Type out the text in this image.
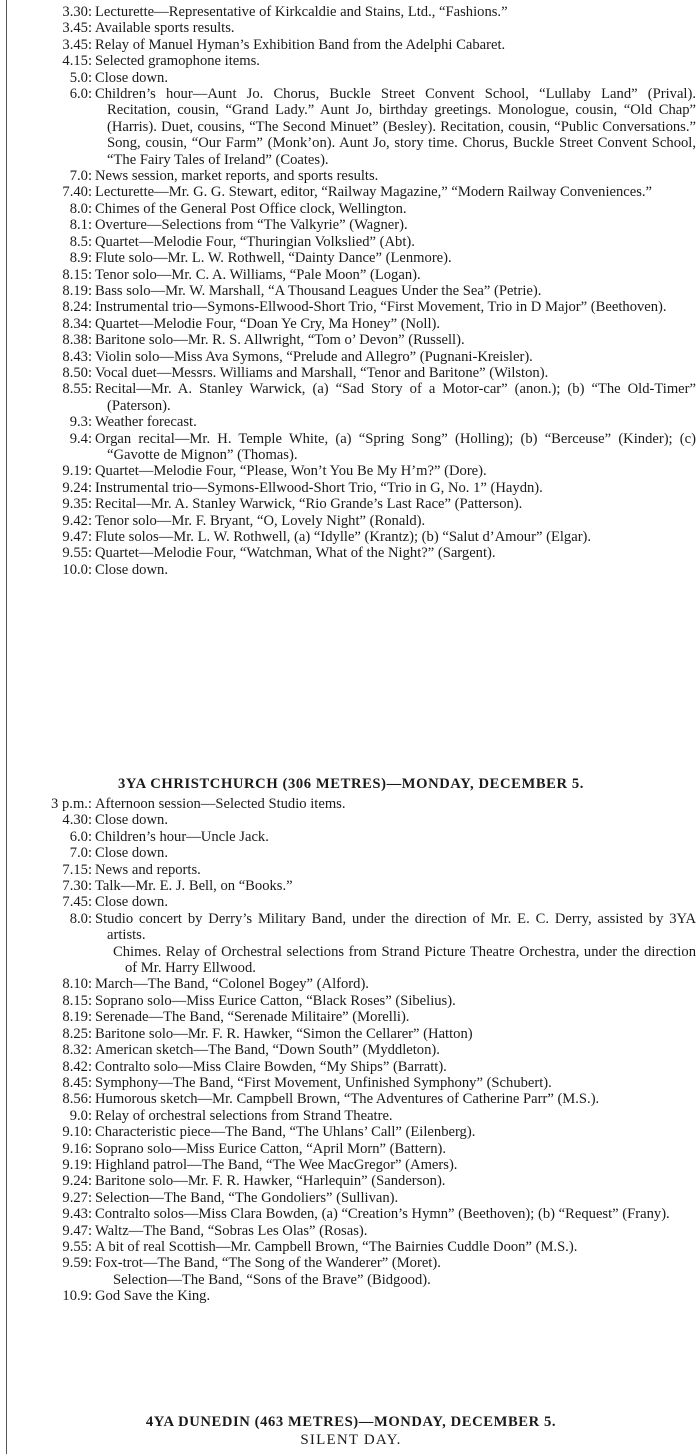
3.30: Lecturette—Representative of Kirkcaldie and Stains, Ltd., “Fashions.”
3.45: Available sports results.
3.45: Relay of Manuel Hyman’s Exhibition Band from the Adelphi Cabaret.
4.15: Selected gramophone items.
5.0: Close down.
6.0: Children’s hour—Aunt Jo. Chorus, Buckle Street Convent School, “Lullaby Land” (Prival). Recitation, cousin, “Grand Lady.” Aunt Jo, birthday greetings. Monologue, cousin, “Old Chap” (Harris). Duet, cousins, “The Second Minuet” (Besley). Recitation, cousin, “Public Conversations.” Song, cousin, “Our Farm” (Monk’on). Aunt Jo, story time. Chorus, Buckle Street Convent School, “The Fairy Tales of Ireland” (Coates).
7.0: News session, market reports, and sports results.
7.40: Lecturette—Mr. G. G. Stewart, editor, “Railway Magazine,” “Modern Railway Conveniences.”
8.0: Chimes of the General Post Office clock, Wellington.
8.1: Overture—Selections from “The Valkyrie” (Wagner).
8.5: Quartet—Melodie Four, “Thuringian Volkslied” (Abt).
8.9: Flute solo—Mr. L. W. Rothwell, “Dainty Dance” (Lenmore).
8.15: Tenor solo—Mr. C. A. Williams, “Pale Moon” (Logan).
8.19: Bass solo—Mr. W. Marshall, “A Thousand Leagues Under the Sea” (Petrie).
8.24: Instrumental trio—Symons-Ellwood-Short Trio, “First Movement, Trio in D Major” (Beethoven).
8.34: Quartet—Melodie Four, “Doan Ye Cry, Ma Honey” (Noll).
8.38: Baritone solo—Mr. R. S. Allwright, “Tom o’ Devon” (Russell).
8.43: Violin solo—Miss Ava Symons, “Prelude and Allegro” (Pugnani-Kreisler).
8.50: Vocal duet—Messrs. Williams and Marshall, “Tenor and Baritone” (Wilston).
8.55: Recital—Mr. A. Stanley Warwick, (a) “Sad Story of a Motor-car” (anon.); (b) “The Old-Timer” (Paterson).
9.3: Weather forecast.
9.4: Organ recital—Mr. H. Temple White, (a) “Spring Song” (Holling); (b) “Berceuse” (Kinder); (c) “Gavotte de Mignon” (Thomas).
9.19: Quartet—Melodie Four, “Please, Won’t You Be My H’m?” (Dore).
9.24: Instrumental trio—Symons-Ellwood-Short Trio, “Trio in G, No. 1” (Haydn).
9.35: Recital—Mr. A. Stanley Warwick, “Rio Grande’s Last Race” (Patterson).
9.42: Tenor solo—Mr. F. Bryant, “O, Lovely Night” (Ronald).
9.47: Flute solos—Mr. L. W. Rothwell, (a) “Idylle” (Krantz); (b) “Salut d’Amour” (Elgar).
9.55: Quartet—Melodie Four, “Watchman, What of the Night?” (Sargent).
10.0: Close down.
3YA CHRISTCHURCH (306 METRES)—MONDAY, DECEMBER 5.
3 p.m.: Afternoon session—Selected Studio items.
4.30: Close down.
6.0: Children’s hour—Uncle Jack.
7.0: Close down.
7.15: News and reports.
7.30: Talk—Mr. E. J. Bell, on “Books.”
7.45: Close down.
8.0: Studio concert by Derry’s Military Band, under the direction of Mr. E. C. Derry, assisted by 3YA artists.
Chimes. Relay of Orchestral selections from Strand Picture Theatre Orchestra, under the direction of Mr. Harry Ellwood.
8.10: March—The Band, “Colonel Bogey” (Alford).
8.15: Soprano solo—Miss Eurice Catton, “Black Roses” (Sibelius).
8.19: Serenade—The Band, “Serenade Militaire” (Morelli).
8.25: Baritone solo—Mr. F. R. Hawker, “Simon the Cellarer” (Hatton)
8.32: American sketch—The Band, “Down South” (Myddleton).
8.42: Contralto solo—Miss Claire Bowden, “My Ships” (Barratt).
8.45: Symphony—The Band, “First Movement, Unfinished Symphony” (Schubert).
8.56: Humorous sketch—Mr. Campbell Brown, “The Adventures of Catherine Parr” (M.S.).
9.0: Relay of orchestral selections from Strand Theatre.
9.10: Characteristic piece—The Band, “The Uhlans’ Call” (Eilenberg).
9.16: Soprano solo—Miss Eurice Catton, “April Morn” (Battern).
9.19: Highland patrol—The Band, “The Wee MacGregor” (Amers).
9.24: Baritone solo—Mr. F. R. Hawker, “Harlequin” (Sanderson).
9.27: Selection—The Band, “The Gondoliers” (Sullivan).
9.43: Contralto solos—Miss Clara Bowden, (a) “Creation’s Hymn” (Beethoven); (b) “Request” (Frany).
9.47: Waltz—The Band, “Sobras Les Olas” (Rosas).
9.55: A bit of real Scottish—Mr. Campbell Brown, “The Bairnies Cuddle Doon” (M.S.).
9.59: Fox-trot—The Band, “The Song of the Wanderer” (Moret).
Selection—The Band, “Sons of the Brave” (Bidgood).
10.9: God Save the King.
4YA DUNEDIN (463 METRES)—MONDAY, DECEMBER 5.
SILENT DAY.
